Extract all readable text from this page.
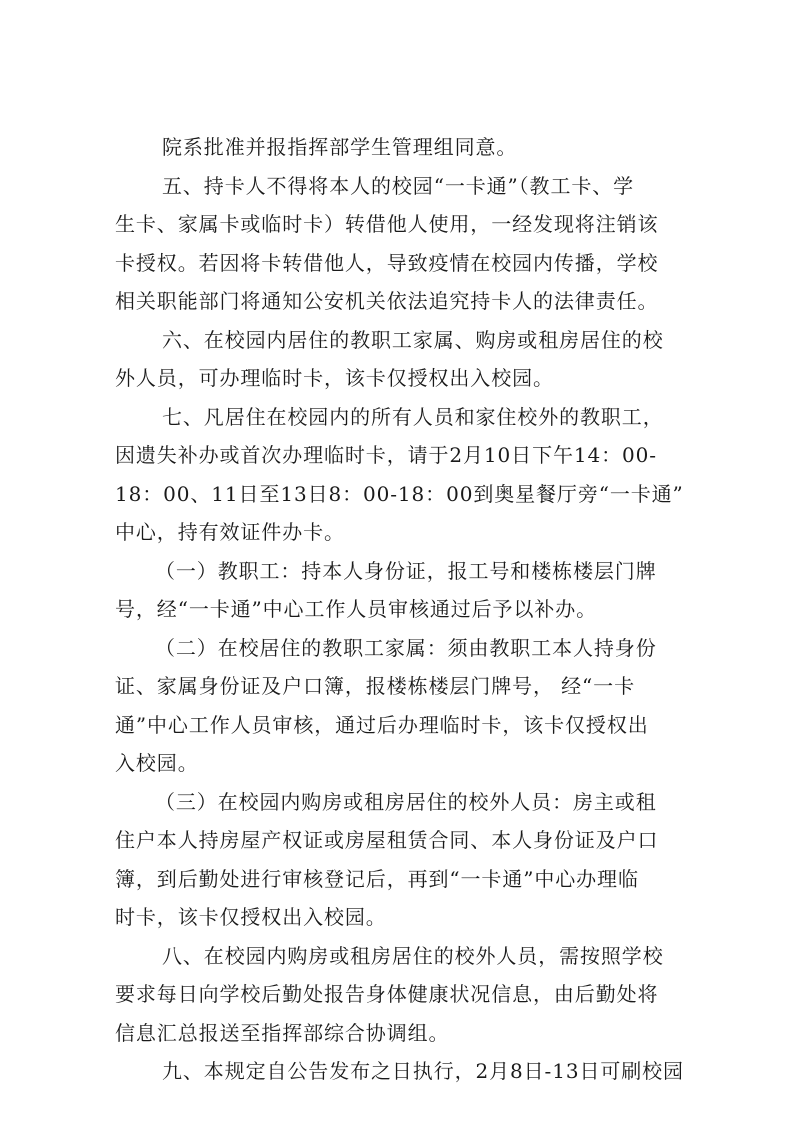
院系批准并报指挥部学生管理组同意。
五、持卡人不得将本人的校园“一卡通”（教工卡、学
生卡、家属卡或临时卡）转借他人使用，一经发现将注销该
卡授权。若因将卡转借他人，导致疫情在校园内传播，学校
相关职能部门将通知公安机关依法追究持卡人的法律责任。
六、在校园内居住的教职工家属、购房或租房居住的校
外人员，可办理临时卡，该卡仅授权出入校园。
七、凡居住在校园内的所有人员和家住校外的教职工，
因遗失补办或首次办理临时卡，请于2月10日下午14：00-
18：00、11日至13日8：00-18：00到奥星餐厅旁“一卡通”
中心，持有效证件办卡。
（一）教职工：持本人身份证，报工号和楼栋楼层门牌
号，经“一卡通”中心工作人员审核通过后予以补办。
（二）在校居住的教职工家属：须由教职工本人持身份
证、家属身份证及户口簿，报楼栋楼层门牌号， 经“一卡
通”中心工作人员审核，通过后办理临时卡，该卡仅授权出
入校园。
（三）在校园内购房或租房居住的校外人员：房主或租
住户本人持房屋产权证或房屋租赁合同、本人身份证及户口
簿，到后勤处进行审核登记后，再到“一卡通”中心办理临
时卡，该卡仅授权出入校园。
八、在校园内购房或租房居住的校外人员，需按照学校
要求每日向学校后勤处报告身体健康状况信息，由后勤处将
信息汇总报送至指挥部综合协调组。
九、本规定自公告发布之日执行，2月8日-13日可刷校园
